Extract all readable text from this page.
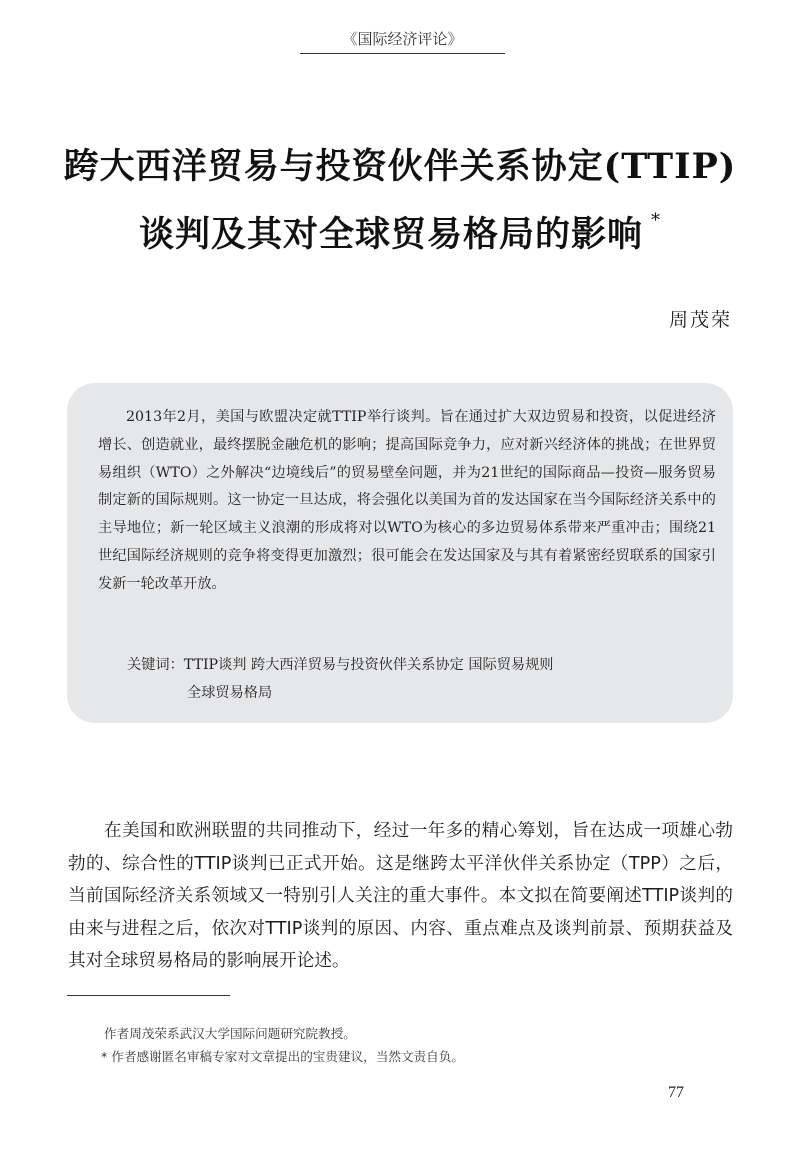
《国际经济评论》
跨大西洋贸易与投资伙伴关系协定(TTIP)
谈判及其对全球贸易格局的影响 *
周茂荣

2013年2月，美国与欧盟决定就TTIP举行谈判。旨在通过扩大双边贸易和投资，以促进经济增长、创造就业，最终摆脱金融危机的影响；提高国际竞争力，应对新兴经济体的挑战；在世界贸易组织（WTO）之外解决“边境线后”的贸易壁垒问题，并为21世纪的国际商品—投资—服务贸易制定新的国际规则。这一协定一旦达成，将会强化以美国为首的发达国家在当今国际经济关系中的主导地位；新一轮区域主义浪潮的形成将对以WTO为核心的多边贸易体系带来严重冲击；围绕21世纪国际经济规则的竞争将变得更加激烈；很可能会在发达国家及与其有着紧密经贸联系的国家引发新一轮改革开放。

关键词：TTIP谈判 跨大西洋贸易与投资伙伴关系协定 国际贸易规则
全球贸易格局

在美国和欧洲联盟的共同推动下，经过一年多的精心筹划，旨在达成一项雄心勃勃的、综合性的TTIP谈判已正式开始。这是继跨太平洋伙伴关系协定（TPP）之后，当前国际经济关系领域又一特别引人关注的重大事件。本文拟在简要阐述TTIP谈判的由来与进程之后，依次对TTIP谈判的原因、内容、重点难点及谈判前景、预期获益及其对全球贸易格局的影响展开论述。

作者周茂荣系武汉大学国际问题研究院教授。
* 作者感谢匿名审稿专家对文章提出的宝贵建议，当然文责自负。
77
